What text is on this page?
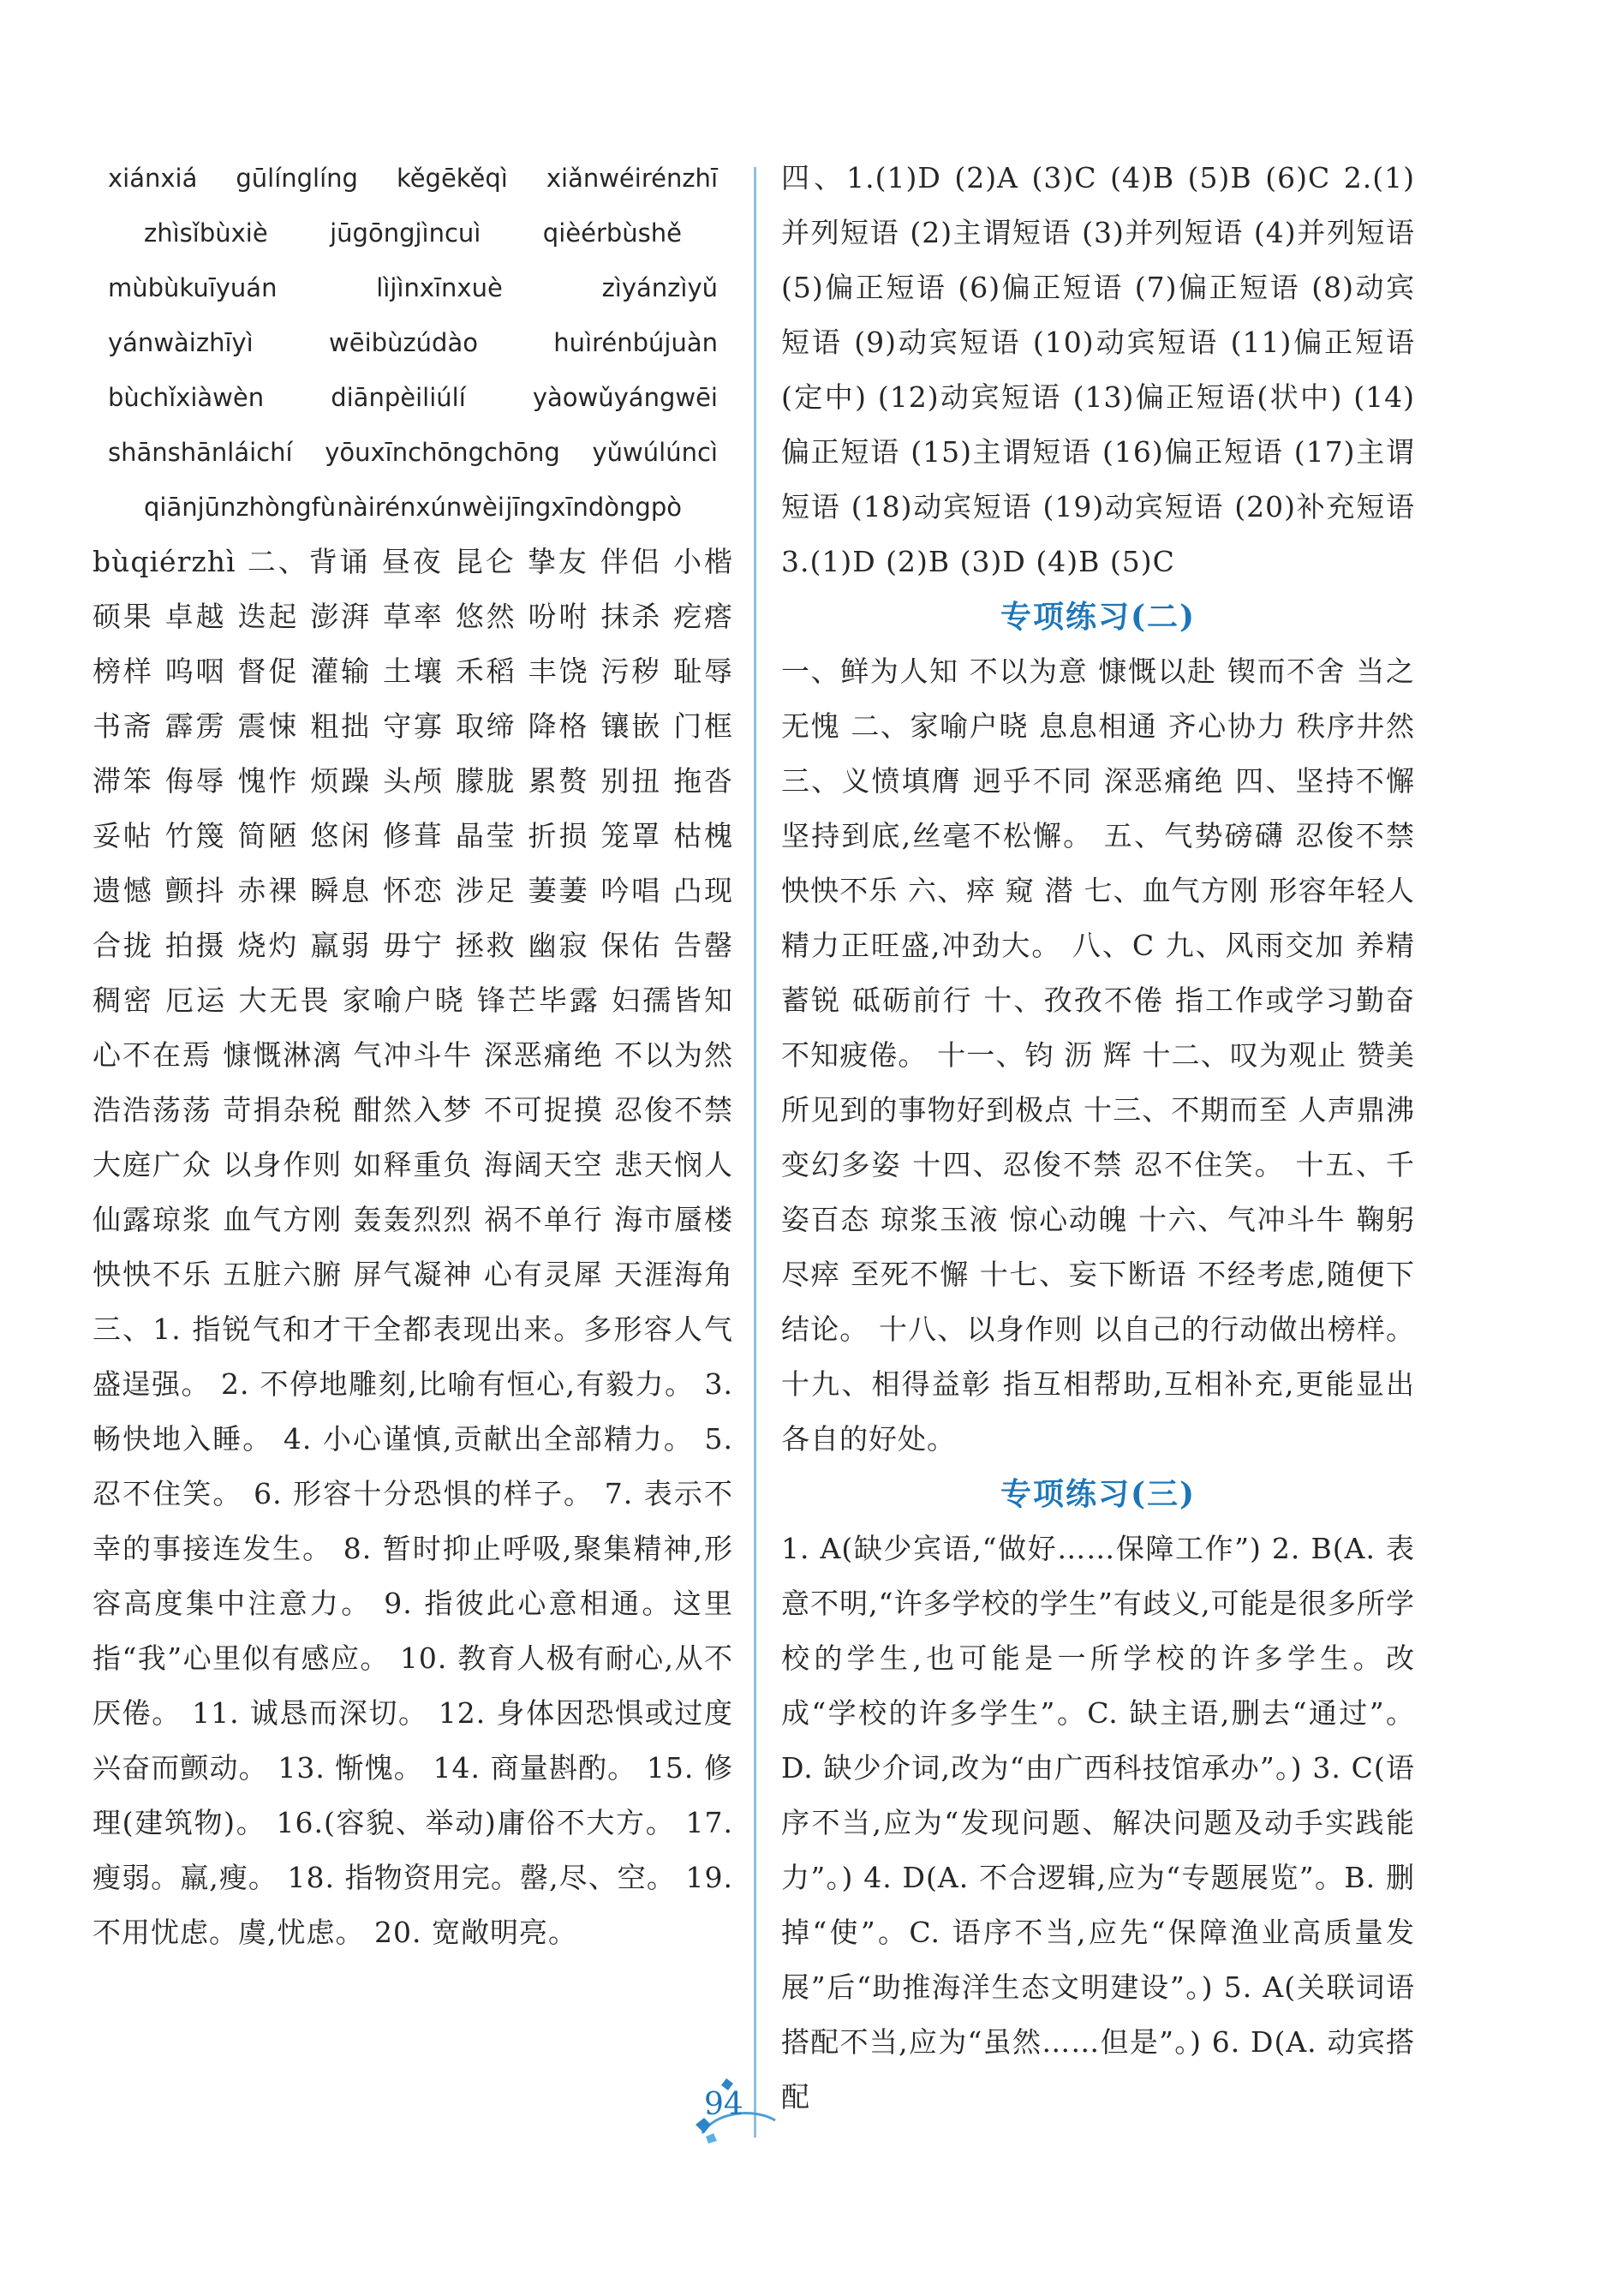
xiánxiá gūlínglíng kěgēkěqì xiǎnwéirénzhī
zhìsǐbùxiè jūgōngjìncuì qièérbùshě
mùbùkuīyuán	lìjìnxīnxuè	zìyánzìyǔ
yánwàizhīyì	wēibùzúdào	huìrénbújuàn
bùchǐxiàwèn	diānpèiliúlí	yàowǔyángwēi
shānshānláichí yōuxīnchōngchōng yǔwúlúncì
qiānjūnzhòngfù nàirénxúnwèi jīngxīndòngpò
bùqiérzhì 二、背诵 昼夜 昆仑 挚友 伴侣 小楷 硕果 卓越 迭起 澎湃 草率 悠然 吩咐 抹杀 疙瘩 榜样 呜咽 督促 灌输 土壤 禾稻 丰饶 污秽 耻辱 书斋 霹雳 震悚 粗拙 守寡 取缔 降格 镶嵌 门框 滞笨 侮辱 愧怍 烦躁 头颅 朦胧 累赘 别扭 拖沓 妥帖 竹篾 简陋 悠闲 修葺 晶莹 折损 笼罩 枯槐 遗憾 颤抖 赤裸 瞬息 怀恋 涉足 萋萋 吟唱 凸现 合拢 拍摄 烧灼 羸弱 毋宁 拯救 幽寂 保佑 告罄 稠密 厄运 大无畏 家喻户晓 锋芒毕露 妇孺皆知 心不在焉 慷慨淋漓 气冲斗牛 深恶痛绝 不以为然 浩浩荡荡 苛捐杂税 酣然入梦 不可捉摸 忍俊不禁 大庭广众 以身作则 如释重负 海阔天空 悲天悯人 仙露琼浆 血气方刚 轰轰烈烈 祸不单行 海市蜃楼 怏怏不乐 五脏六腑 屏气凝神 心有灵犀 天涯海角 三、1. 指锐气和才干全都表现出来。多形容人气盛逞强。 2. 不停地雕刻,比喻有恒心,有毅力。 3. 畅快地入睡。 4. 小心谨慎,贡献出全部精力。 5. 忍不住笑。 6. 形容十分恐惧的样子。 7. 表示不幸的事接连发生。 8. 暂时抑止呼吸,聚集精神,形容高度集中注意力。 9. 指彼此心意相通。这里指“我”心里似有感应。 10. 教育人极有耐心,从不厌倦。 11. 诚恳而深切。 12. 身体因恐惧或过度兴奋而颤动。 13. 惭愧。 14. 商量斟酌。 15. 修理(建筑物)。 16.(容貌、举动)庸俗不大方。 17. 瘦弱。羸,瘦。 18. 指物资用完。罄,尽、空。 19. 不用忧虑。虞,忧虑。 20. 宽敞明亮。
四、1.(1)D (2)A (3)C (4)B (5)B (6)C 2.(1)并列短语 (2)主谓短语 (3)并列短语 (4)并列短语 (5)偏正短语 (6)偏正短语 (7)偏正短语 (8)动宾短语 (9)动宾短语 (10)动宾短语 (11)偏正短语(定中) (12)动宾短语 (13)偏正短语(状中) (14)偏正短语 (15)主谓短语 (16)偏正短语 (17)主谓短语 (18)动宾短语 (19)动宾短语 (20)补充短语 3.(1)D (2)B (3)D (4)B (5)C
专项练习(二)
一、鲜为人知 不以为意 慷慨以赴 锲而不舍 当之无愧 二、家喻户晓 息息相通 齐心协力 秩序井然 三、义愤填膺 迥乎不同 深恶痛绝 四、坚持不懈 坚持到底,丝毫不松懈。 五、气势磅礴 忍俊不禁 怏怏不乐 六、瘁 窥 潜 七、血气方刚 形容年轻人精力正旺盛,冲劲大。 八、C 九、风雨交加 养精蓄锐 砥砺前行 十、孜孜不倦 指工作或学习勤奋不知疲倦。 十一、钧 沥 辉 十二、叹为观止 赞美所见到的事物好到极点 十三、不期而至 人声鼎沸 变幻多姿 十四、忍俊不禁 忍不住笑。 十五、千姿百态 琼浆玉液 惊心动魄 十六、气冲斗牛 鞠躬尽瘁 至死不懈 十七、妄下断语 不经考虑,随便下结论。 十八、以身作则 以自己的行动做出榜样。 十九、相得益彰 指互相帮助,互相补充,更能显出各自的好处。
专项练习(三)
1. A(缺少宾语,“做好……保障工作”) 2. B(A. 表意不明,“许多学校的学生”有歧义,可能是很多所学校的学生,也可能是一所学校的许多学生。改成“学校的许多学生”。C. 缺主语,删去“通过”。D. 缺少介词,改为“由广西科技馆承办”。) 3. C(语序不当,应为“发现问题、解决问题及动手实践能力”。) 4. D(A. 不合逻辑,应为“专题展览”。B. 删掉“使”。C. 语序不当,应先“保障渔业高质量发展”后“助推海洋生态文明建设”。) 5. A(关联词语搭配不当,应为“虽然……但是”。) 6. D(A. 动宾搭配
94
